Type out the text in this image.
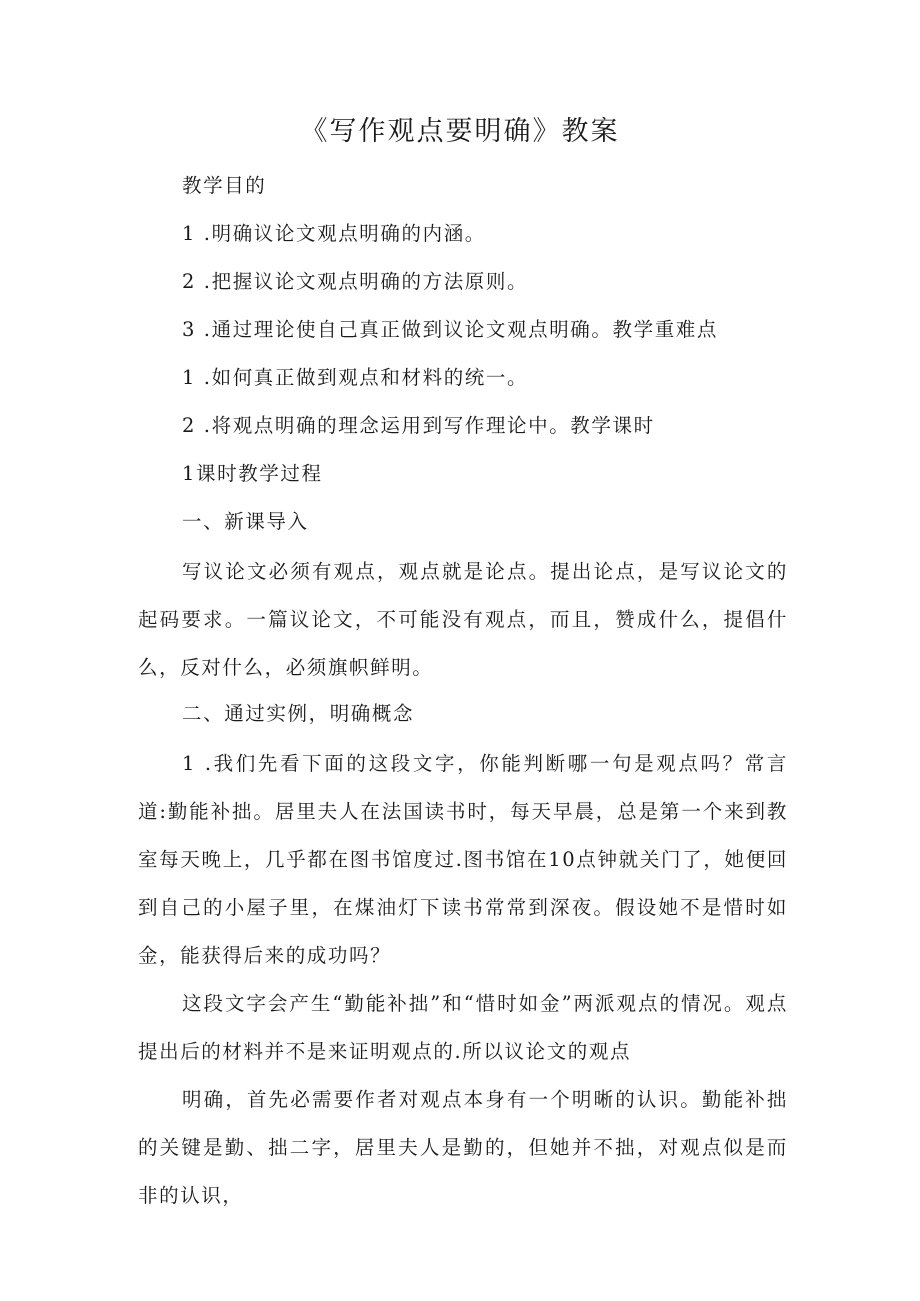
《写作观点要明确》教案
教学目的
1 .明确议论文观点明确的内涵。
2 .把握议论文观点明确的方法原则。
3 .通过理论使自己真正做到议论文观点明确。教学重难点
1 .如何真正做到观点和材料的统一。
2 .将观点明确的理念运用到写作理论中。教学课时
1课时教学过程
一、新课导入
写议论文必须有观点，观点就是论点。提出论点，是写议论文的起码要求。一篇议论文，不可能没有观点，而且，赞成什么，提倡什么，反对什么，必须旗帜鲜明。
二、通过实例，明确概念
1 .我们先看下面的这段文字，你能判断哪一句是观点吗？常言道:勤能补拙。居里夫人在法国读书时，每天早晨，总是第一个来到教室每天晚上，几乎都在图书馆度过.图书馆在10点钟就关门了，她便回到自己的小屋子里，在煤油灯下读书常常到深夜。假设她不是惜时如金，能获得后来的成功吗？
这段文字会产生“勤能补拙”和“惜时如金”两派观点的情况。观点提出后的材料并不是来证明观点的.所以议论文的观点
明确，首先必需要作者对观点本身有一个明晰的认识。勤能补拙的关键是勤、拙二字，居里夫人是勤的，但她并不拙，对观点似是而非的认识，
